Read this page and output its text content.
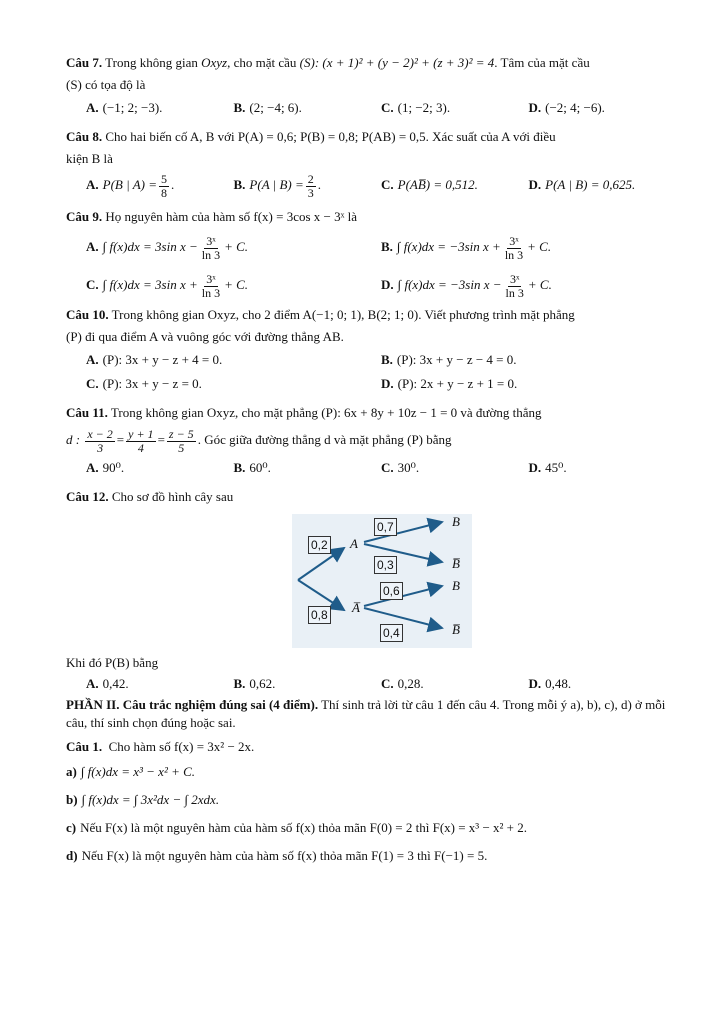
Câu 7. Trong không gian Oxyz, cho mặt cầu (S): (x + 1)² + (y − 2)² + (z + 3)² = 4. Tâm của mặt cầu

(S) có tọa độ là

A. (−1; 2; −3).	B. (2; −4; 6).	C. (1; −2; 3).	D. (−2; 4; −6).

Câu 8. Cho hai biến cố A, B với P(A) = 0,6; P(B) = 0,8; P(AB) = 0,5. Xác suất của A với điều

kiện B là

A. P(B | $A) = \frac{5}{8}$ .	B. P(A | $B) = \frac{2}{3}$ .	C. P(AB̅) = 0,512.	D. P(A | B) = 0,625.

Câu 9. Họ nguyên hàm của hàm số f(x) = 3cos x − 3ˣ là

A. ∫ f(x)dx = 3sin $x - \frac{\text{3ˣ}}{\ln 3} + C$.	B. ∫ f(x)dx = −3sin $x + \frac{\text{3ˣ}}{\ln 3} + C$.
C. ∫ f(x)dx = 3sin $x + \frac{\text{3ˣ}}{\ln 3} + C$.	D. ∫ f(x)dx = −3sin $x - \frac{\text{3ˣ}}{\ln 3} + C$.

Câu 10. Trong không gian Oxyz, cho 2 điểm A(−1; 0; 1), B(2; 1; 0). Viết phương trình mặt phẳng

(P) đi qua điểm A và vuông góc với đường thẳng AB.

A. (P): 3x + y − z + 4 = 0.	B. (P): 3x + y − z − 4 = 0.
C. (P): 3x + y − z = 0.	D. (P): 2x + y − z + 1 = 0.

Câu 11. Trong không gian Oxyz, cho mặt phẳng (P): 6x + 8y + 10z − 1 = 0 và đường thẳng

d : $\frac{x - 2}{3} = \frac{y + 1}{4} = \frac{z - 5}{5}$ . Góc giữa đường thẳng d và mặt phẳng (P) bằng

A. 90⁰.	B. 60⁰.	C. 30⁰.	D. 45⁰.

Câu 12. Cho sơ đồ hình cây sau

0,2
0,8
0,7
0,3
0,6
0,4
A
A̅
B
B̅
B
B̅

Khi đó P(B) bằng

A. 0,42.	B. 0,62.	C. 0,28.	D. 0,48.

PHẦN II. Câu trắc nghiệm đúng sai (4 điểm). Thí sinh trả lời từ câu 1 đến câu 4. Trong mỗi ý a), b), c), d) ở mỗi câu, thí sinh chọn đúng hoặc sai.

Câu 1. Cho hàm số f(x) = 3x² − 2x.

a) ∫ f(x)dx = x³ − x² + C.

b) ∫ f(x)dx = ∫ 3x²dx − ∫ 2xdx.

c) Nếu F(x) là một nguyên hàm của hàm số f(x) thỏa mãn F(0) = 2 thì F(x) = x³ − x² + 2.

d) Nếu F(x) là một nguyên hàm của hàm số f(x) thỏa mãn F(1) = 3 thì F(−1) = 5.
